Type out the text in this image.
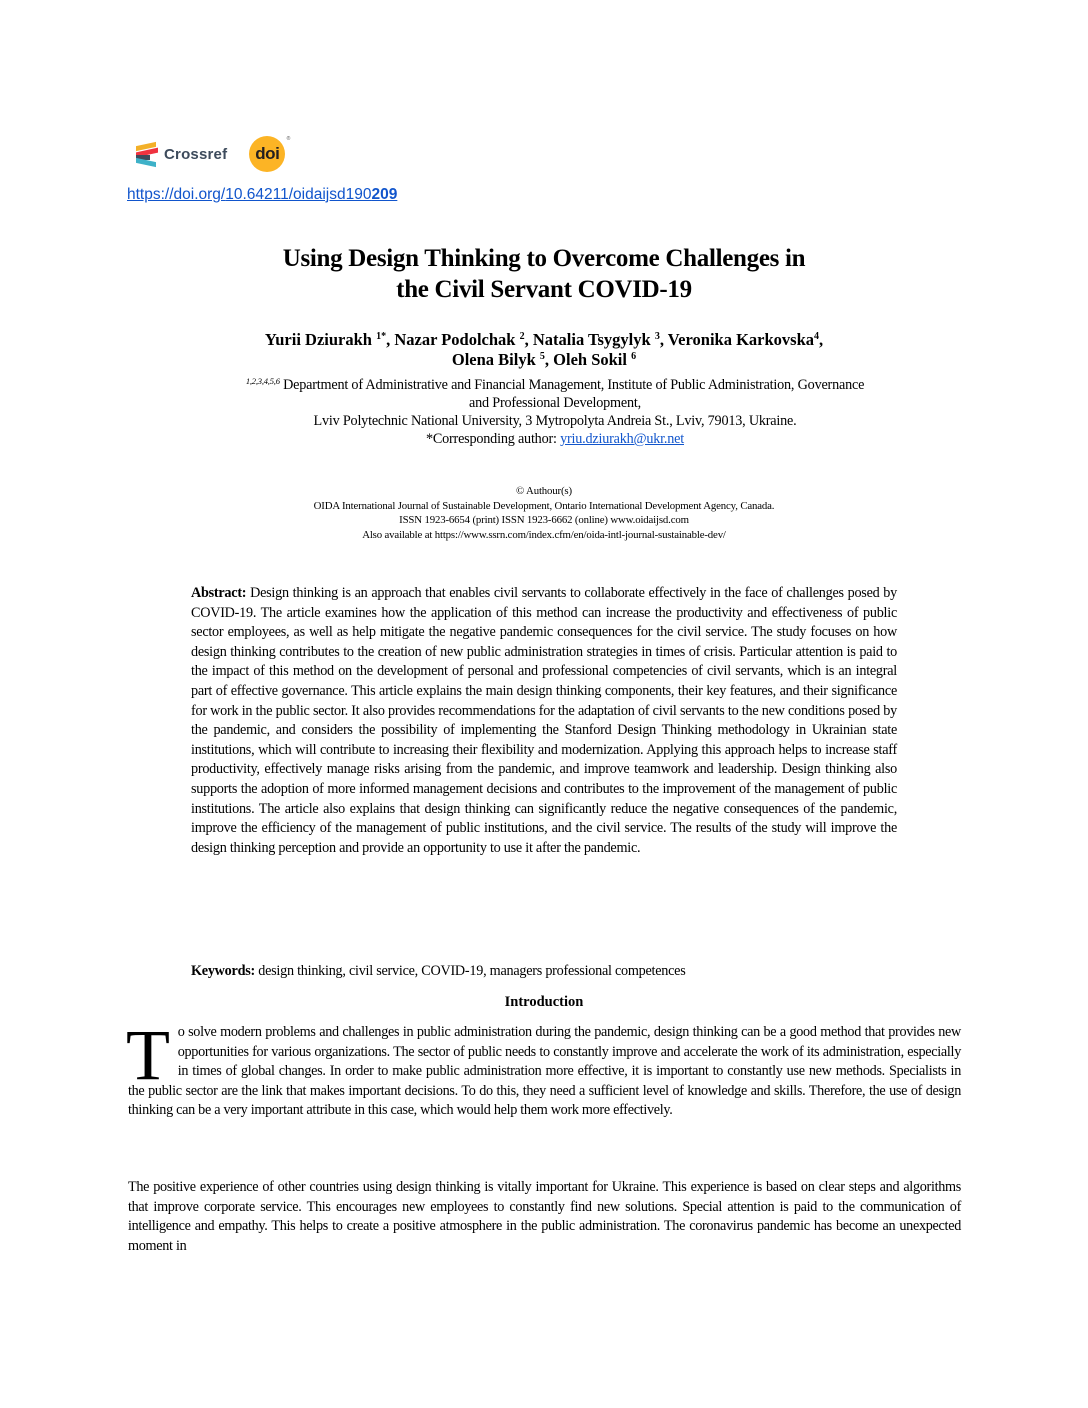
Crossref doi
®
https://doi.org/10.64211/oidaijsd190209
Using Design Thinking to Overcome Challenges in
the Civil Servant COVID-19
Yurii Dziurakh $^{1*}$, Nazar Podolchak $^2$, Natalia Tsygylyk $^3$, Veronika Karkovska$^4$,
Olena Bilyk $^5$, Oleh Sokil $^6$
$^{1,2,3,4,5,6}$ Department of Administrative and Financial Management, Institute of Public Administration, Governance
and Professional Development,
Lviv Polytechnic National University, 3 Mytropolyta Andreia St., Lviv, 79013, Ukraine.
*Corresponding author: yriu.dziurakh@ukr.net
© Authour(s)
OIDA International Journal of Sustainable Development, Ontario International Development Agency, Canada.
ISSN 1923-6654 (print) ISSN 1923-6662 (online) www.oidaijsd.com
Also available at https://www.ssrn.com/index.cfm/en/oida-intl-journal-sustainable-dev/
Abstract: Design thinking is an approach that enables civil servants to collaborate effectively in the face of challenges posed by COVID-19. The article examines how the application of this method can increase the productivity and effectiveness of public sector employees, as well as help mitigate the negative pandemic consequences for the civil service. The study focuses on how design thinking contributes to the creation of new public administration strategies in times of crisis. Particular attention is paid to the impact of this method on the development of personal and professional competencies of civil servants, which is an integral part of effective governance. This article explains the main design thinking components, their key features, and their significance for work in the public sector. It also provides recommendations for the adaptation of civil servants to the new conditions posed by the pandemic, and considers the possibility of implementing the Stanford Design Thinking methodology in Ukrainian state institutions, which will contribute to increasing their flexibility and modernization. Applying this approach helps to increase staff productivity, effectively manage risks arising from the pandemic, and improve teamwork and leadership. Design thinking also supports the adoption of more informed management decisions and contributes to the improvement of the management of public institutions. The article also explains that design thinking can significantly reduce the negative consequences of the pandemic, improve the efficiency of the management of public institutions, and the civil service. The results of the study will improve the design thinking perception and provide an opportunity to use it after the pandemic.
Keywords: design thinking, civil service, COVID-19, managers professional competences
Introduction
T o solve modern problems and challenges in public administration during the pandemic, design thinking can be a good method that provides new opportunities for various organizations. The sector of public needs to constantly improve and accelerate the work of its administration, especially in times of global changes. In order to make public administration more effective, it is important to constantly use new methods. Specialists in the public sector are the link that makes important decisions. To do this, they need a sufficient level of knowledge and skills. Therefore, the use of design thinking can be a very important attribute in this case, which would help them work more effectively.

The positive experience of other countries using design thinking is vitally important for Ukraine. This experience is based on clear steps and algorithms that improve corporate service. This encourages new employees to constantly find new solutions. Special attention is paid to the communication of intelligence and empathy. This helps to create a positive atmosphere in the public administration. The coronavirus pandemic has become an unexpected moment in
